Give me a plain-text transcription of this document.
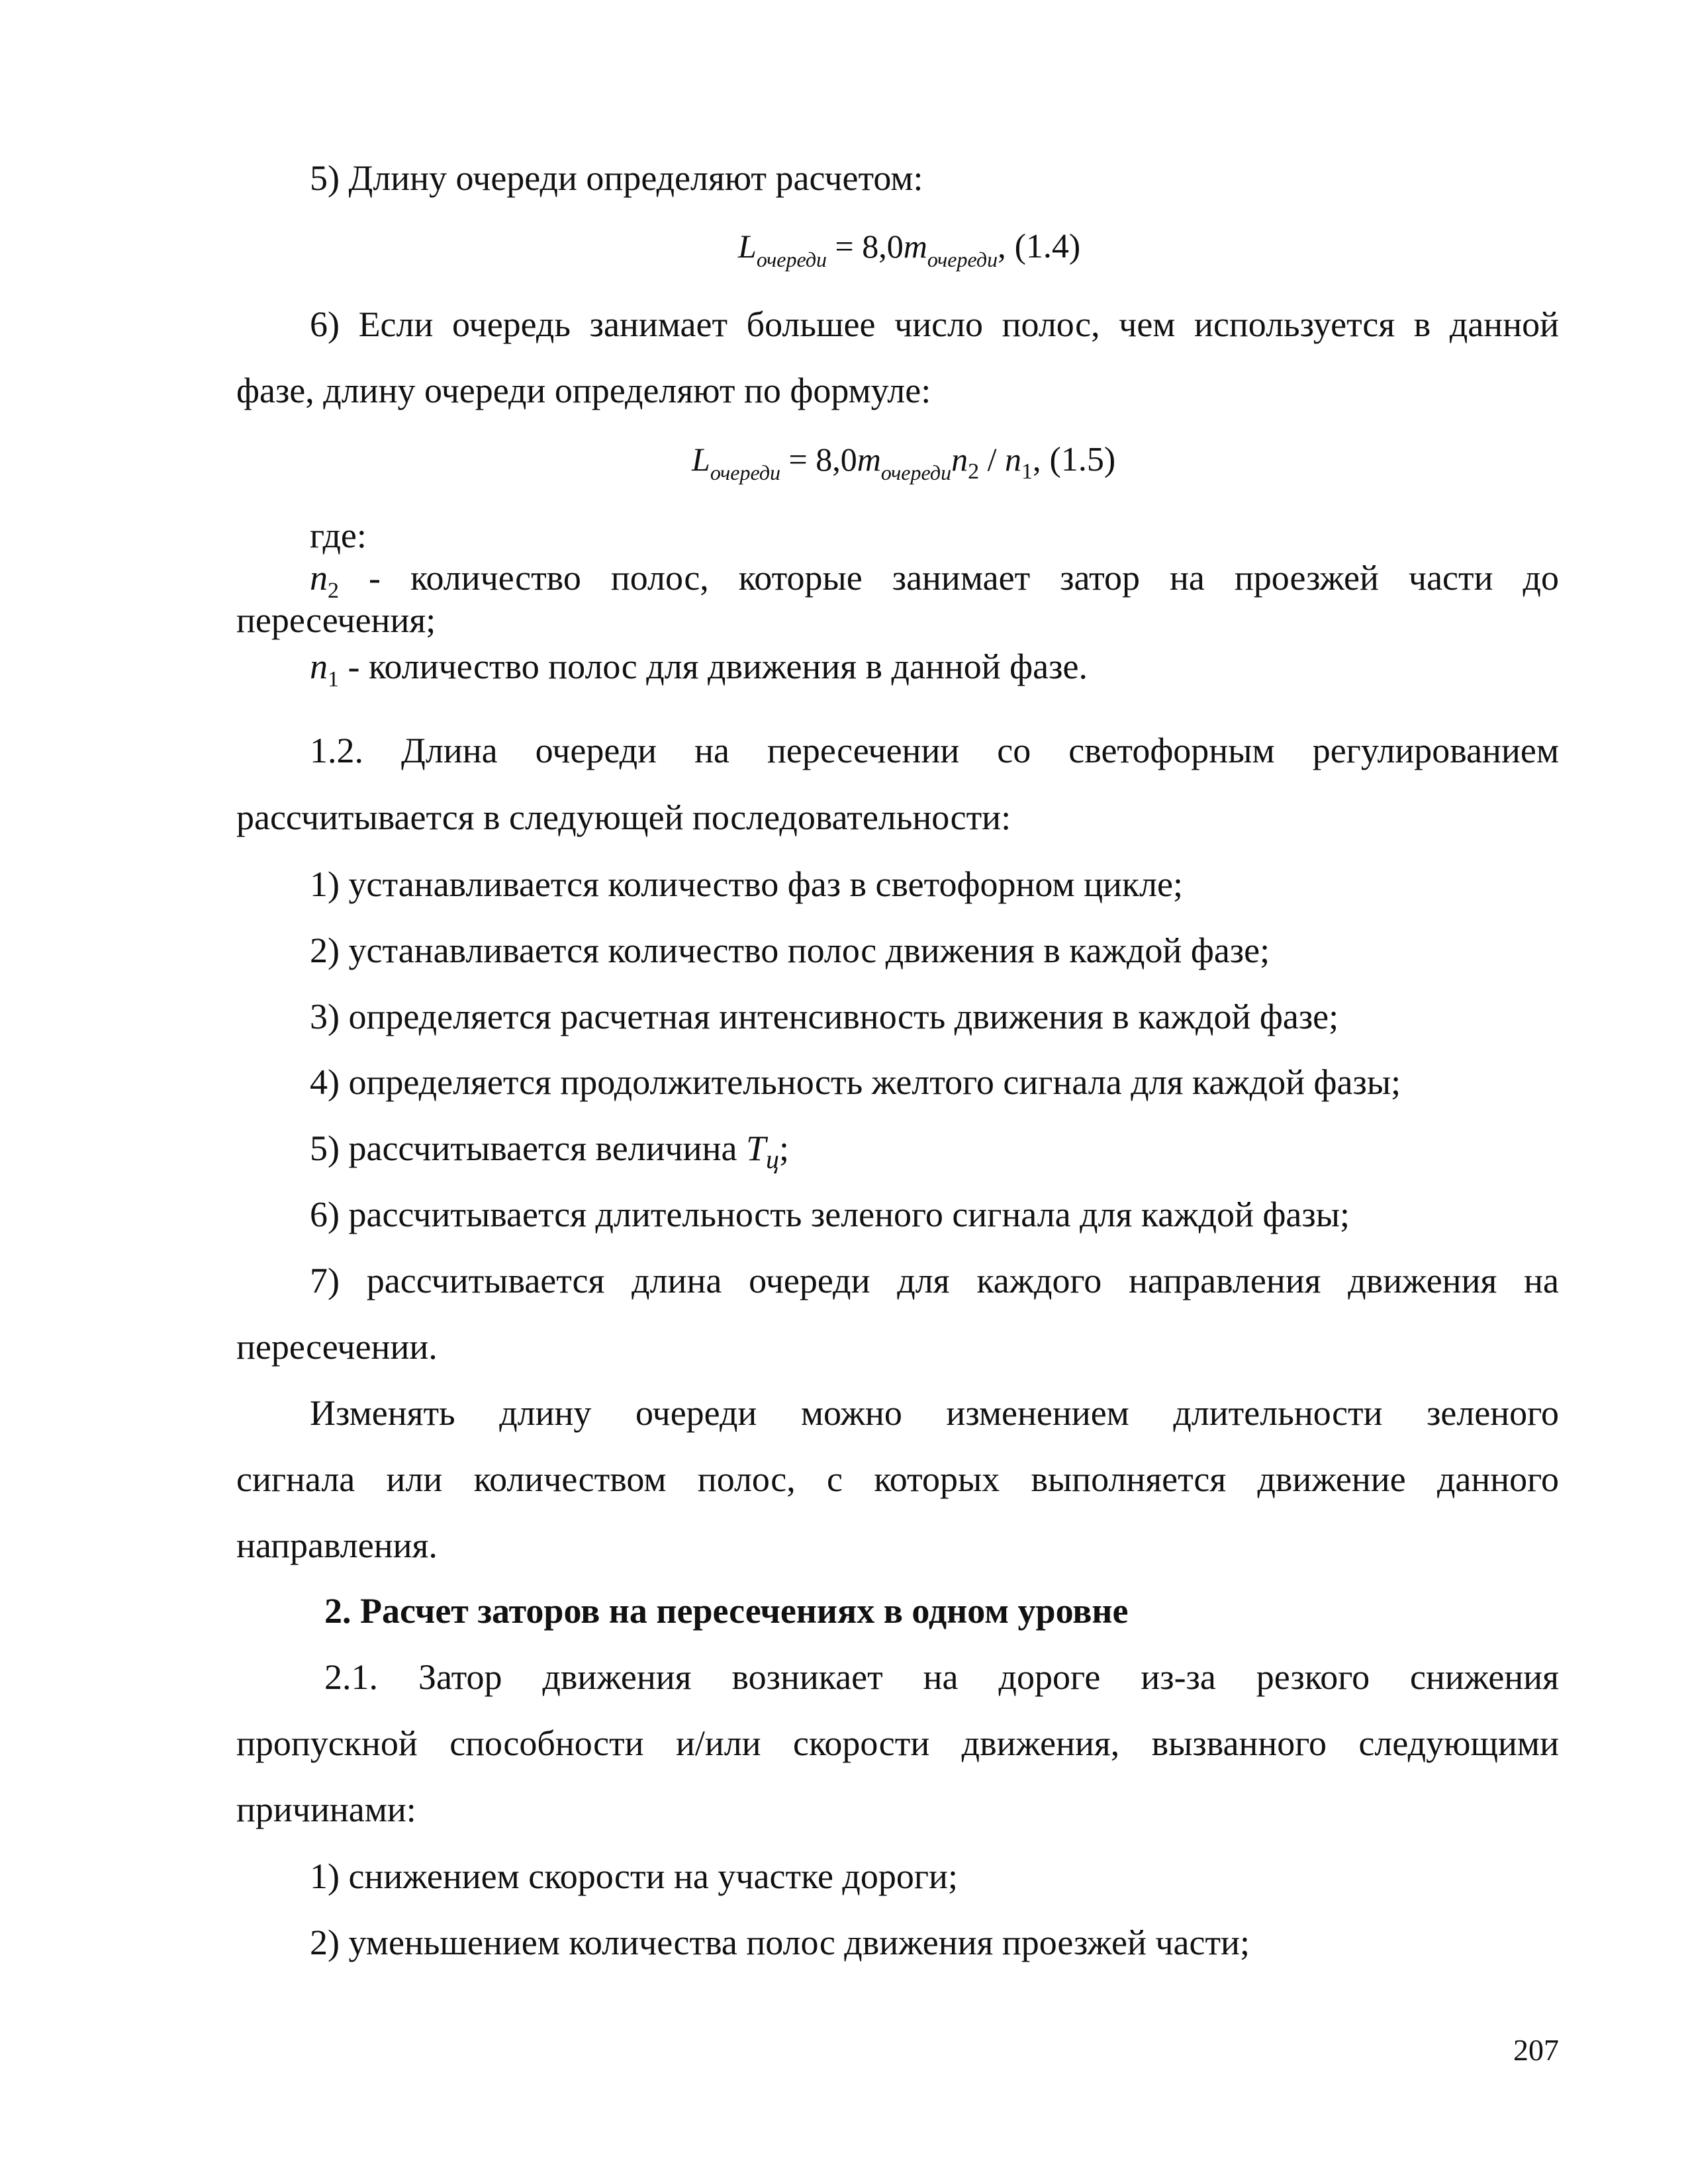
5) Длину очереди определяют расчетом:
$L_{очереди} = 8,0m_{очереди}$, (1.4)
6) Если очередь занимает большее число полос, чем используется в данной
фазе, длину очереди определяют по формуле:
$L_{очереди} = 8,0m_{очереди}n_2 / n_1$, (1.5)
где:
$n_2$ - количество полос, которые занимает затор на проезжей части до
пересечения;
$n_1$ - количество полос для движения в данной фазе.
1.2. Длина очереди на пересечении со светофорным регулированием
рассчитывается в следующей последовательности:
1) устанавливается количество фаз в светофорном цикле;
2) устанавливается количество полос движения в каждой фазе;
3) определяется расчетная интенсивность движения в каждой фазе;
4) определяется продолжительность желтого сигнала для каждой фазы;
5) рассчитывается величина $T_ц$;
6) рассчитывается длительность зеленого сигнала для каждой фазы;
7) рассчитывается длина очереди для каждого направления движения на
пересечении.
Изменять длину очереди можно изменением длительности зеленого
сигнала или количеством полос, с которых выполняется движение данного
направления.
2. Расчет заторов на пересечениях в одном уровне
2.1. Затор движения возникает на дороге из-за резкого снижения
пропускной способности и/или скорости движения, вызванного следующими
причинами:
1) снижением скорости на участке дороги;
2) уменьшением количества полос движения проезжей части;
207
